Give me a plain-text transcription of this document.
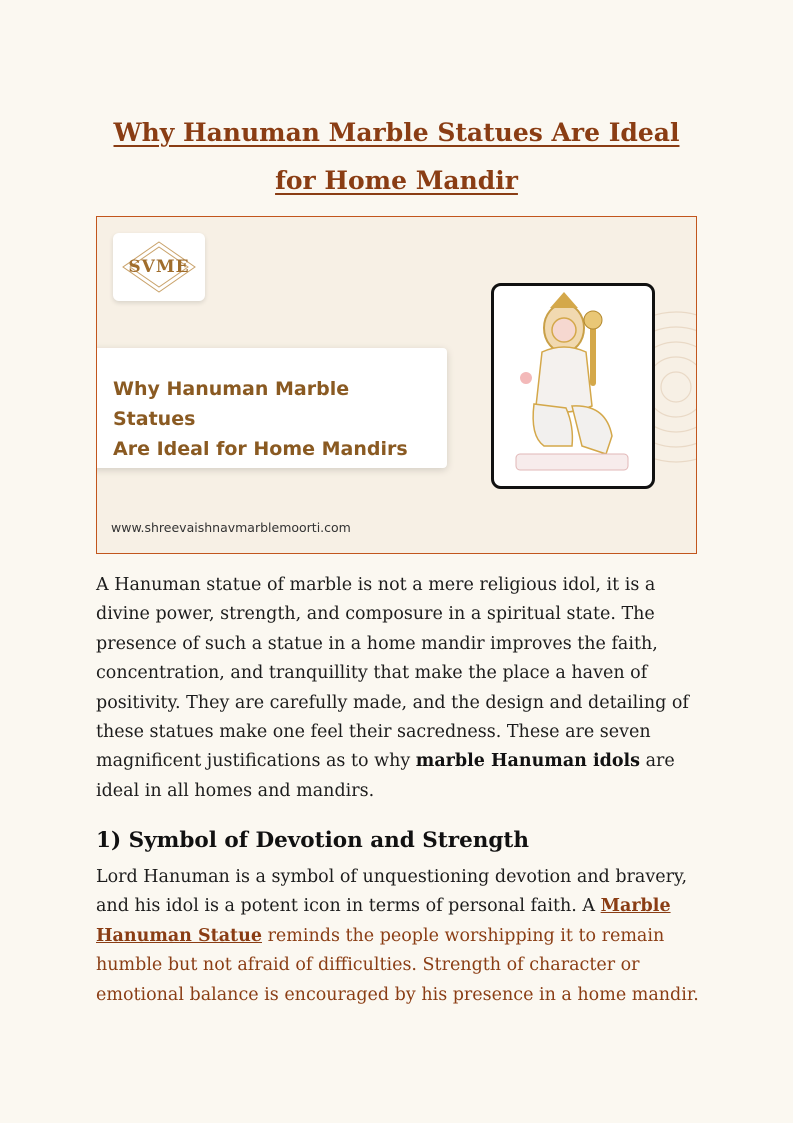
Why Hanuman Marble Statues Are Ideal
for Home Mandir
SVME
Why Hanuman Marble Statues
Are Ideal for Home Mandirs
www.shreevaishnavmarblemoorti.com

A Hanuman statue of marble is not a mere religious idol, it is a divine power, strength, and composure in a spiritual state. The presence of such a statue in a home mandir improves the faith, concentration, and tranquillity that make the place a haven of positivity. They are carefully made, and the design and detailing of these statues make one feel their sacredness. These are seven magnificent justifications as to why marble Hanuman idols are ideal in all homes and mandirs.

1) Symbol of Devotion and Strength

Lord Hanuman is a symbol of unquestioning devotion and bravery, and his idol is a potent icon in terms of personal faith. A Marble Hanuman Statue reminds the people worshipping it to remain humble but not afraid of difficulties. Strength of character or emotional balance is encouraged by his presence in a home mandir.
